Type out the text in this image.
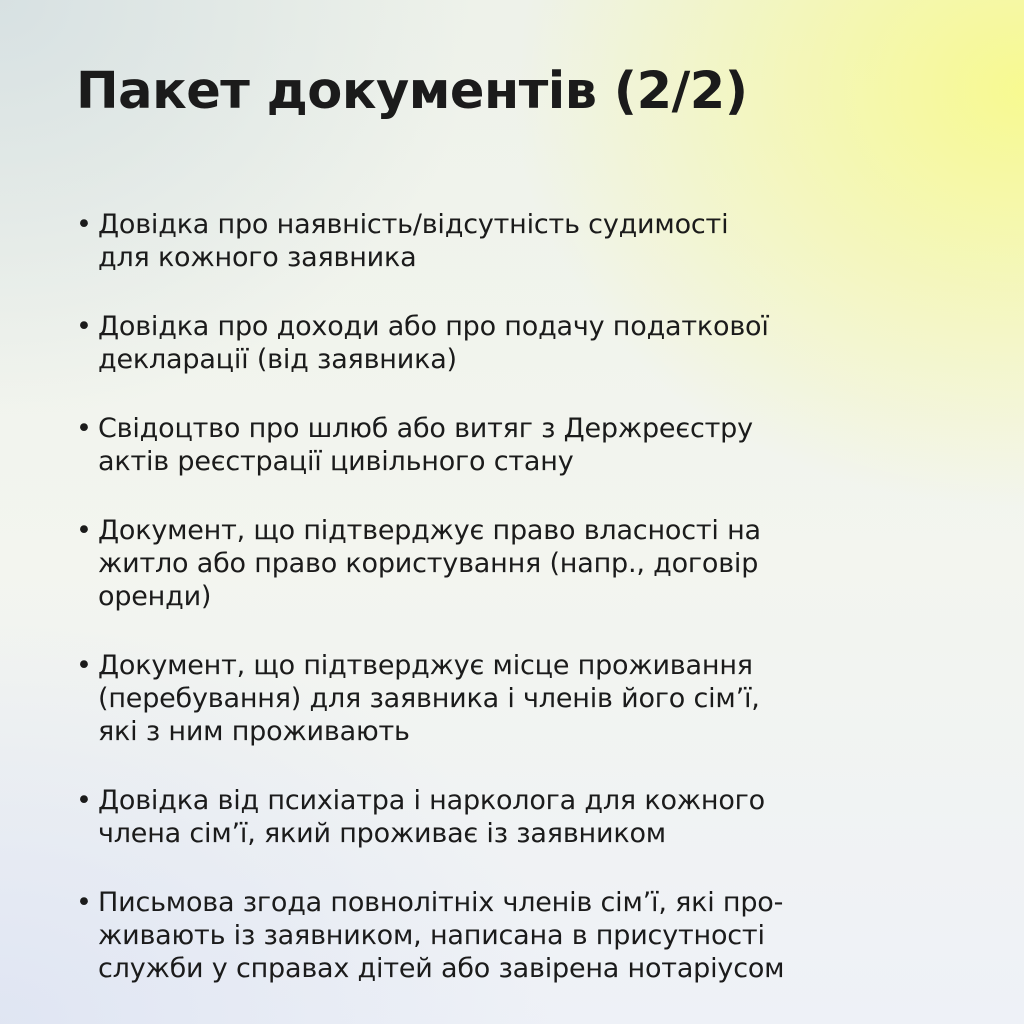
Пакет документів (2/2)
• Довідка про наявність/відсутність судимості
для кожного заявника
• Довідка про доходи або про подачу податкової
декларації (від заявника)
• Свідоцтво про шлюб або витяг з Держреєстру
актів реєстрації цивільного стану
• Документ, що підтверджує право власності на
житло або право користування (напр., договір
оренди)
• Документ, що підтверджує місце проживання
(перебування) для заявника і членів його сім’ї,
які з ним проживають
• Довідка від психіатра і нарколога для кожного
члена сім’ї, який проживає із заявником
• Письмова згода повнолітніх членів сім’ї, які про-
живають із заявником, написана в присутності
служби у справах дітей або завірена нотаріусом
